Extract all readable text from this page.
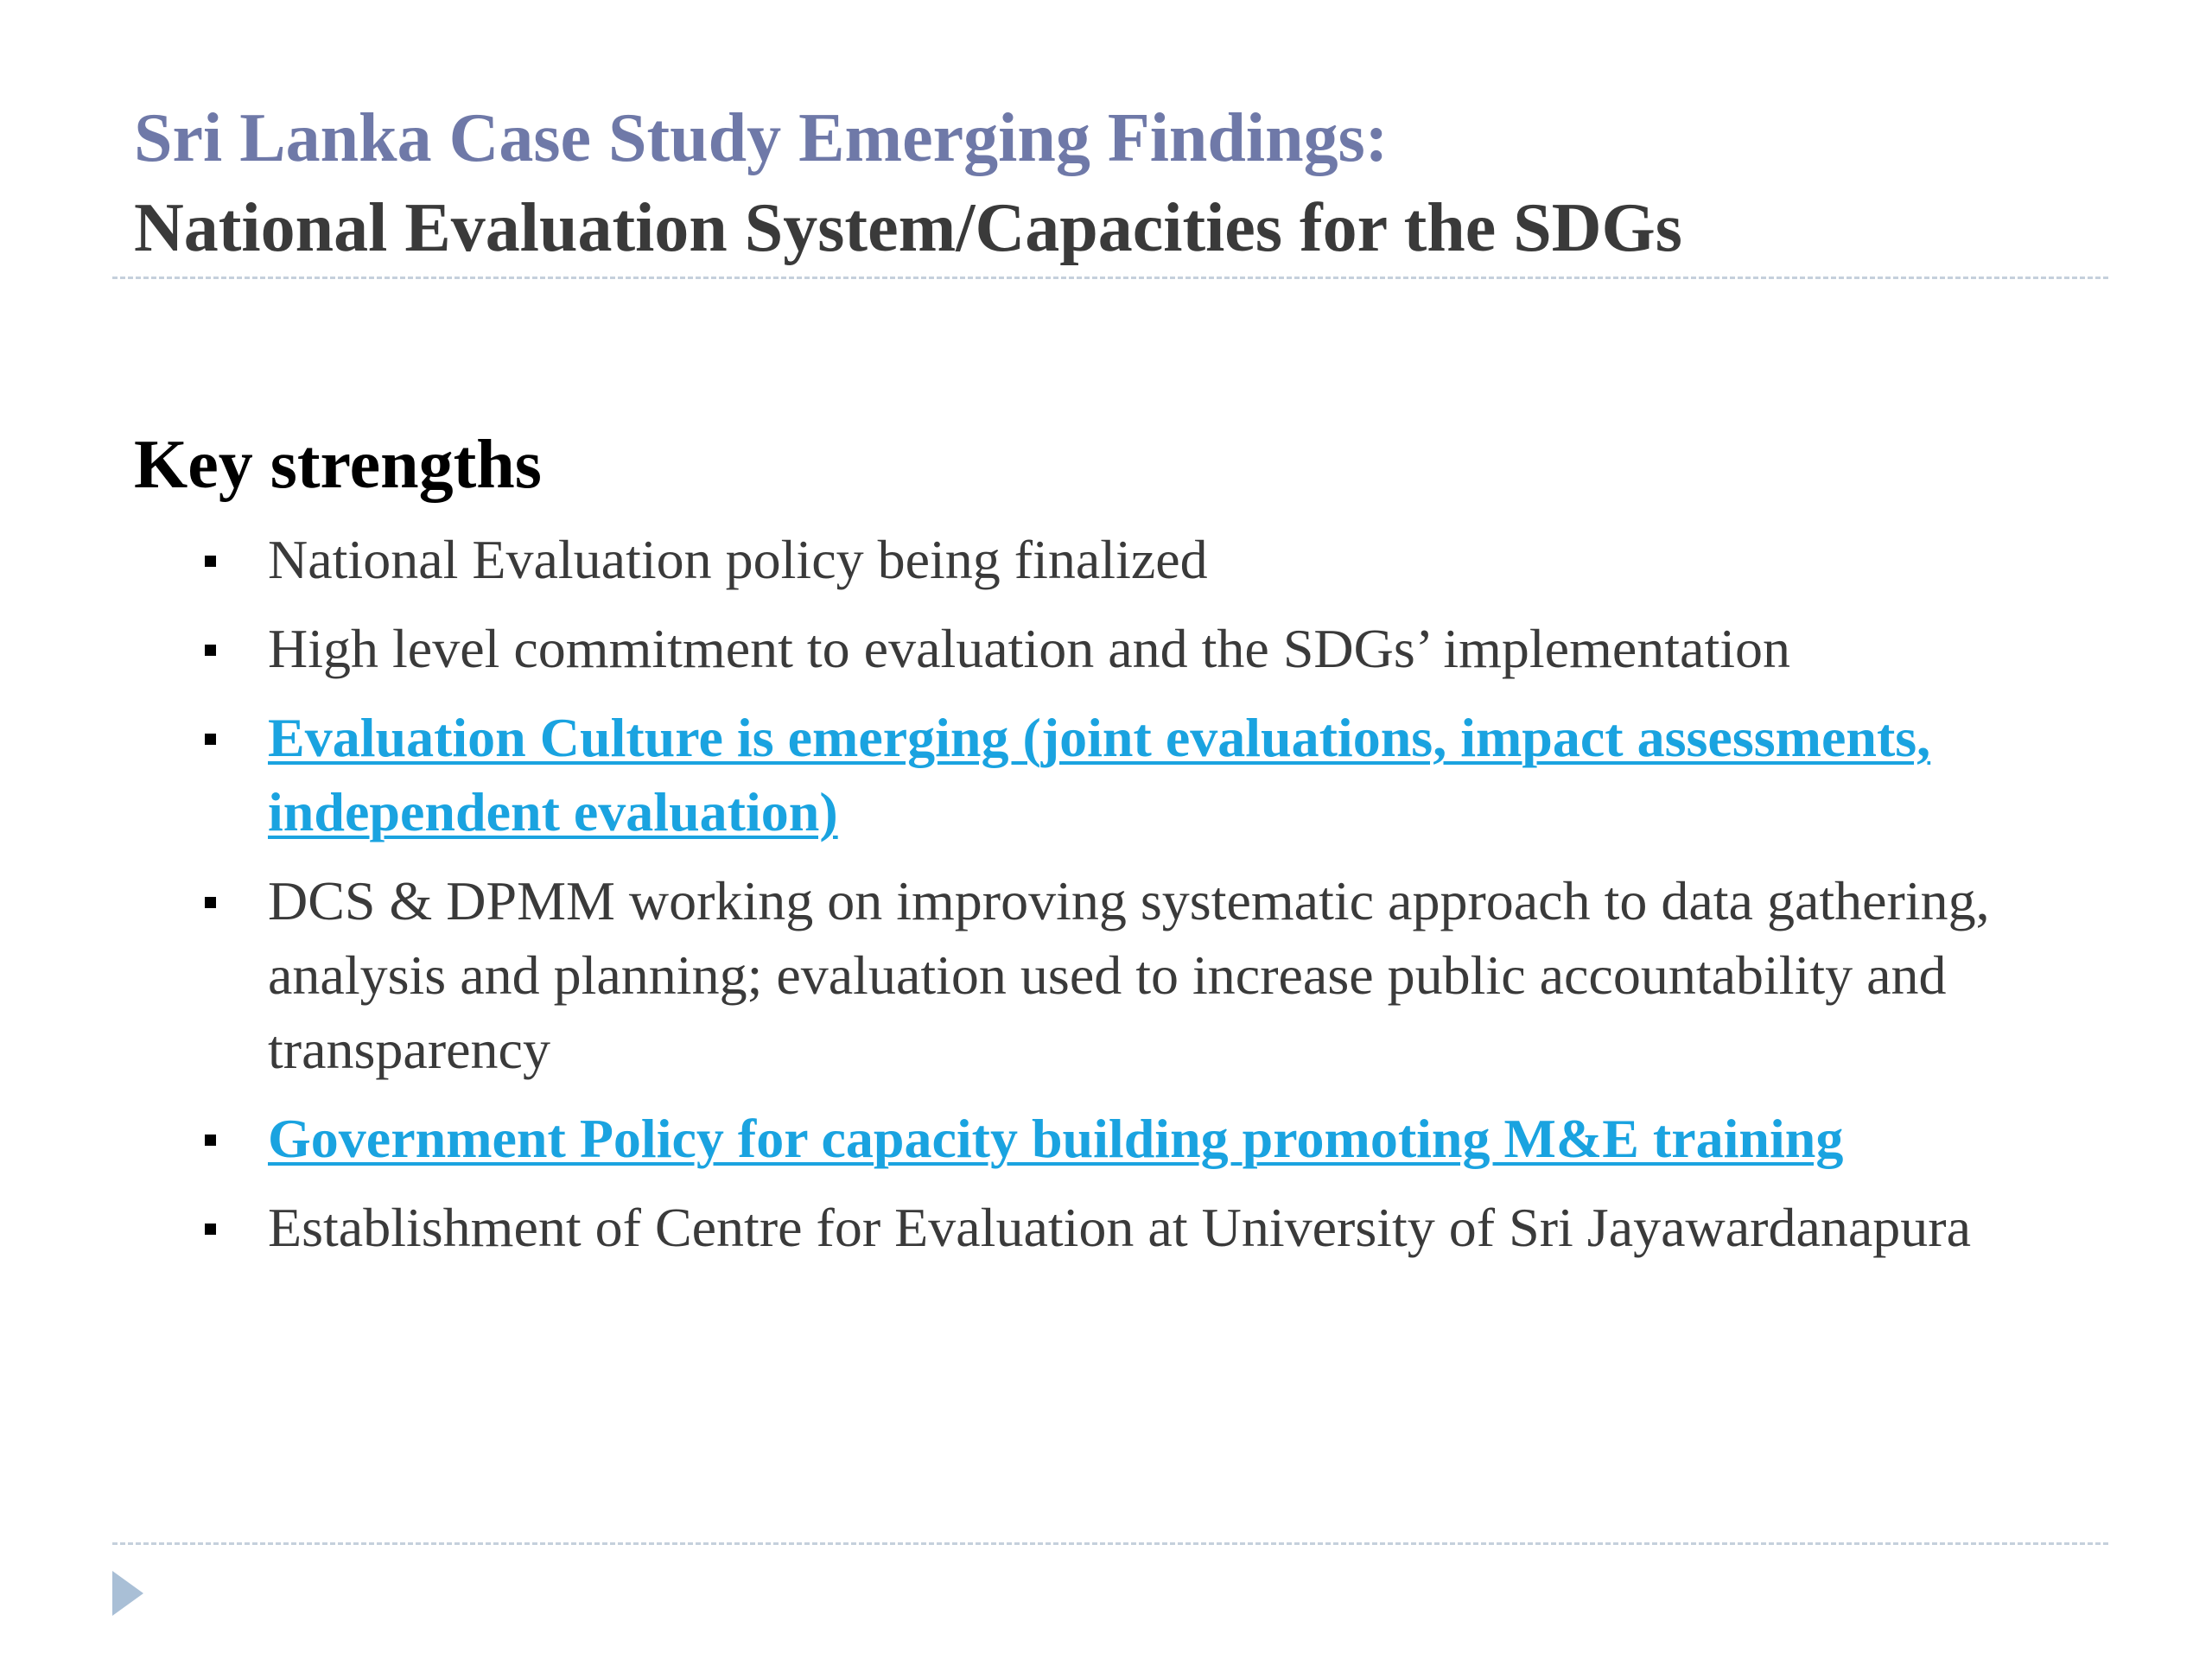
Sri Lanka Case Study Emerging Findings:
National Evaluation System/Capacities for the SDGs
Key strengths
National Evaluation policy being finalized
High level commitment to evaluation and the SDGs’ implementation
Evaluation Culture is emerging (joint evaluations, impact assessments, independent evaluation)
DCS & DPMM working on improving systematic approach to data gathering, analysis and planning; evaluation used to increase public accountability and transparency
Government Policy for capacity building promoting M&E training
Establishment of Centre for Evaluation at University of Sri Jayawardanapura
